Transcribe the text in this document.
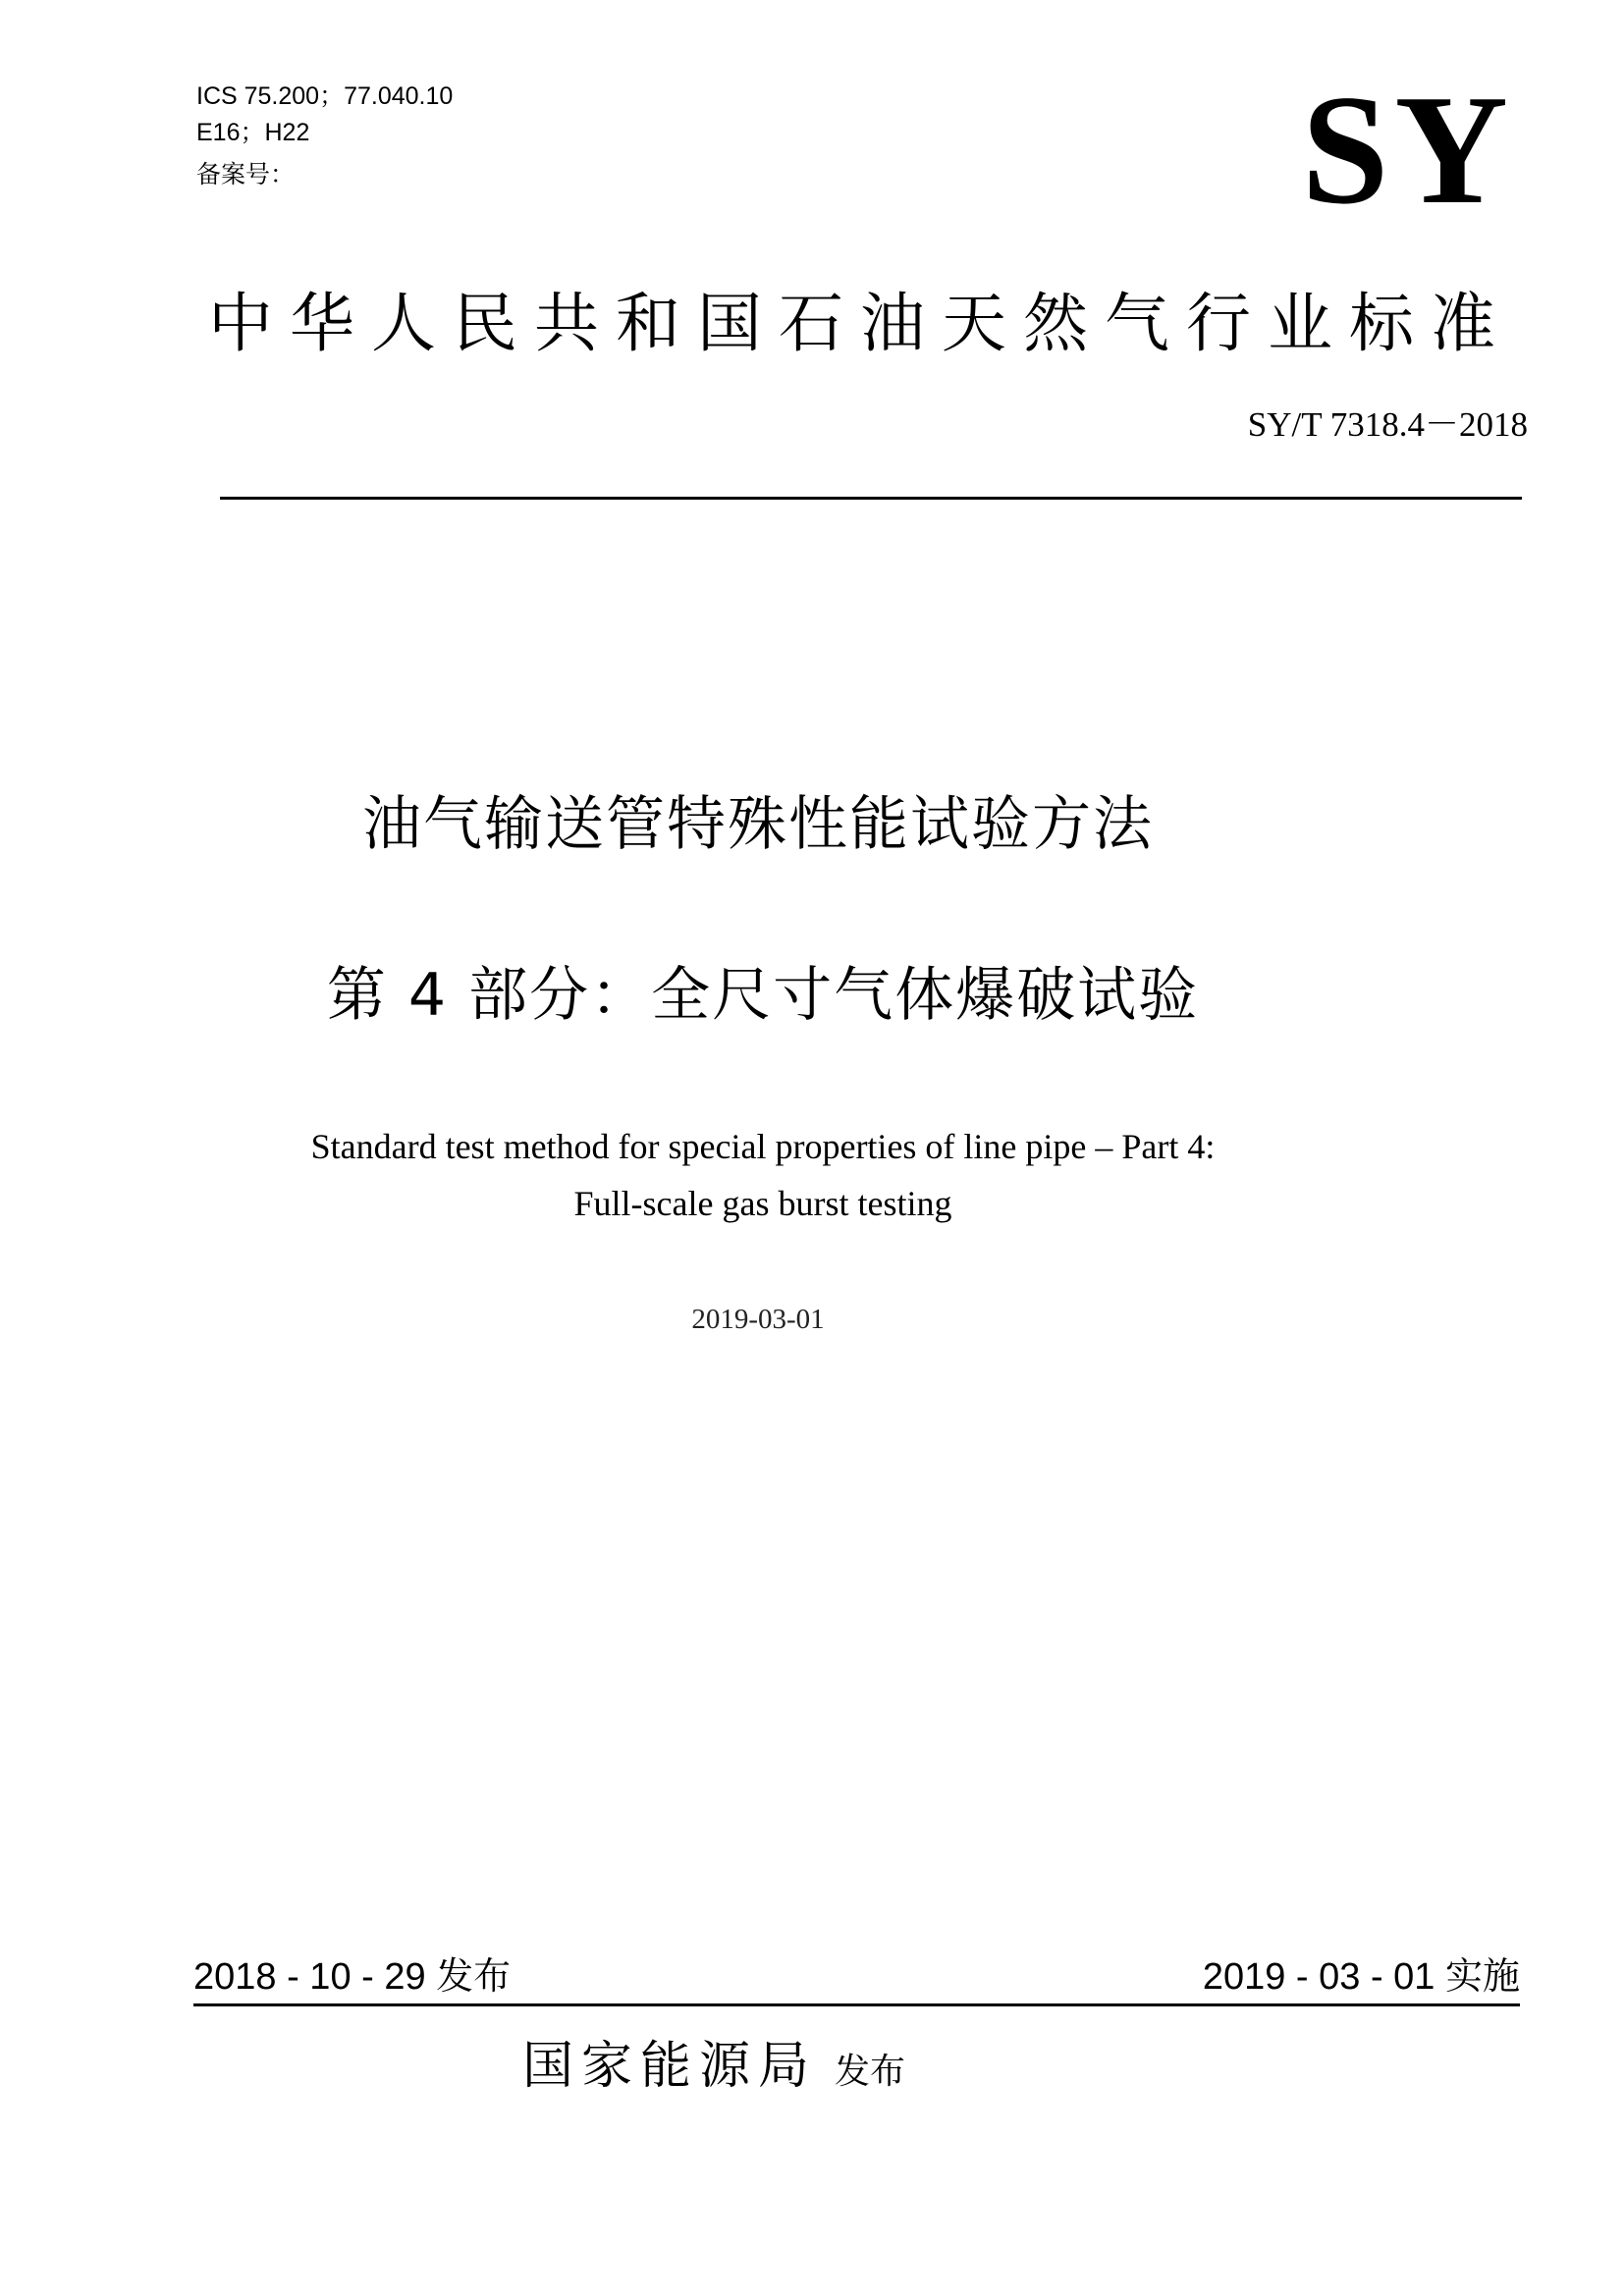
ICS 75.200；77.040.10
E16；H22
备案号：	SY
中华人民共和国石油天然气行业标准
SY/T 7318.4－2018
油气输送管特殊性能试验方法
第 4 部分：全尺寸气体爆破试验
Standard test method for special properties of line pipe – Part 4:
Full-scale gas burst testing
2019-03-01
2018 - 10 - 29 发布	2019 - 03 - 01 实施
国家能源局 发布
